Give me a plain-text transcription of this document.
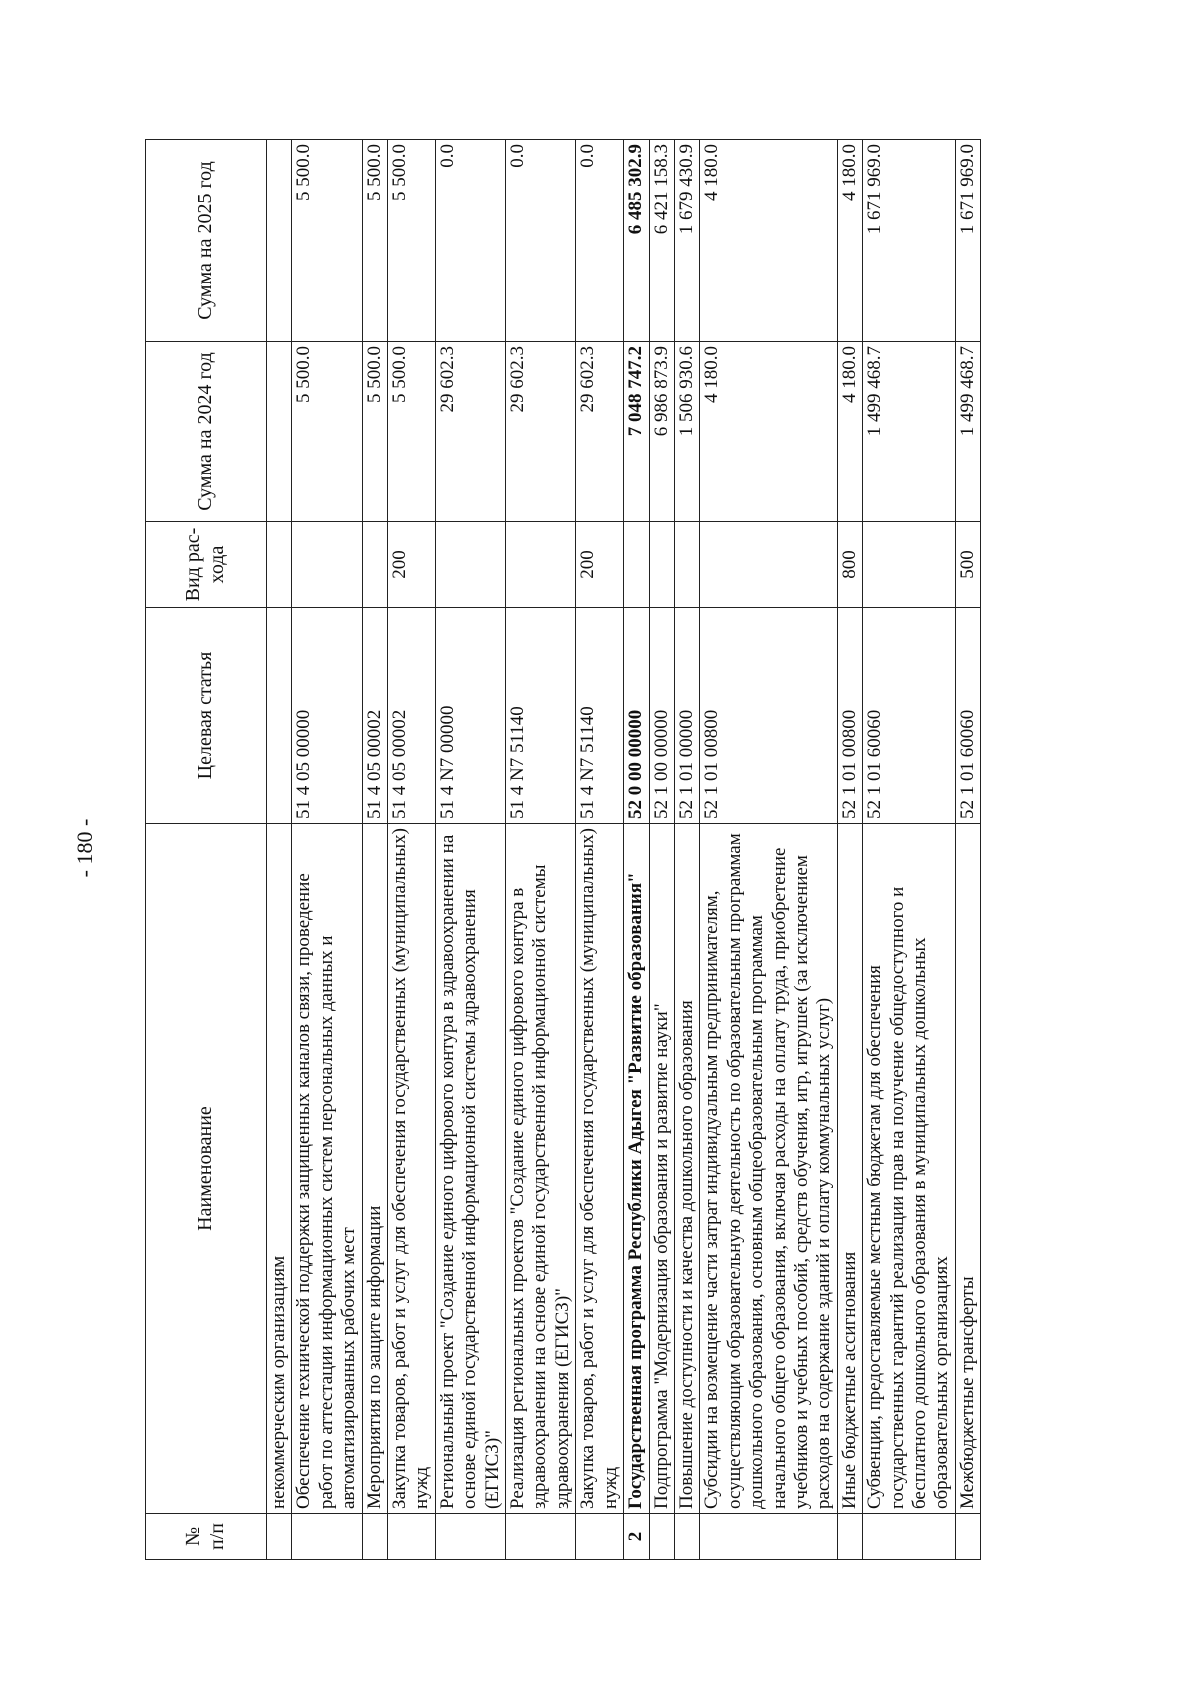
- 180 -
№ п/п	Наименование	Целевая статья	Вид рас-хода	Сумма на 2024 год	Сумма на 2025 год
	некоммерческим организациям				
	Обеспечение технической поддержки защищенных каналов связи, проведение работ по аттестации информационных систем персональных данных и автоматизированных рабочих мест	51 4 05 00000		5 500.0	5 500.0
	Мероприятия по защите информации	51 4 05 00002		5 500.0	5 500.0
	Закупка товаров, работ и услуг для обеспечения государственных (муниципальных) нужд	51 4 05 00002	200	5 500.0	5 500.0
	Региональный проект "Создание единого цифрового контура в здравоохранении на основе единой государственной информационной системы здравоохранения (ЕГИСЗ)"	51 4 N7 00000		29 602.3	0.0
	Реализация региональных проектов "Создание единого цифрового контура в здравоохранении на основе единой государственной информационной системы здравоохранения (ЕГИСЗ)"	51 4 N7 51140		29 602.3	0.0
	Закупка товаров, работ и услуг для обеспечения государственных (муниципальных) нужд	51 4 N7 51140	200	29 602.3	0.0
2	Государственная программа Республики Адыгея "Развитие образования"	52 0 00 00000		7 048 747.2	6 485 302.9
	Подпрограмма "Модернизация образования и развитие науки"	52 1 00 00000		6 986 873.9	6 421 158.3
	Повышение доступности и качества дошкольного образования	52 1 01 00000		1 506 930.6	1 679 430.9
	Субсидии на возмещение части затрат индивидуальным предпринимателям, осуществляющим образовательную деятельность по образовательным программам дошкольного образования, основным общеобразовательным программам начального общего образования, включая расходы на оплату труда, приобретение учебников и учебных пособий, средств обучения, игр, игрушек (за исключением расходов на содержание зданий и оплату коммунальных услуг)	52 1 01 00800		4 180.0	4 180.0
	Иные бюджетные ассигнования	52 1 01 00800	800	4 180.0	4 180.0
	Субвенции, предоставляемые местным бюджетам для обеспечения государственных гарантий реализации прав на получение общедоступного и бесплатного дошкольного образования в муниципальных дошкольных образовательных организациях	52 1 01 60060		1 499 468.7	1 671 969.0
	Межбюджетные трансферты	52 1 01 60060	500	1 499 468.7	1 671 969.0
